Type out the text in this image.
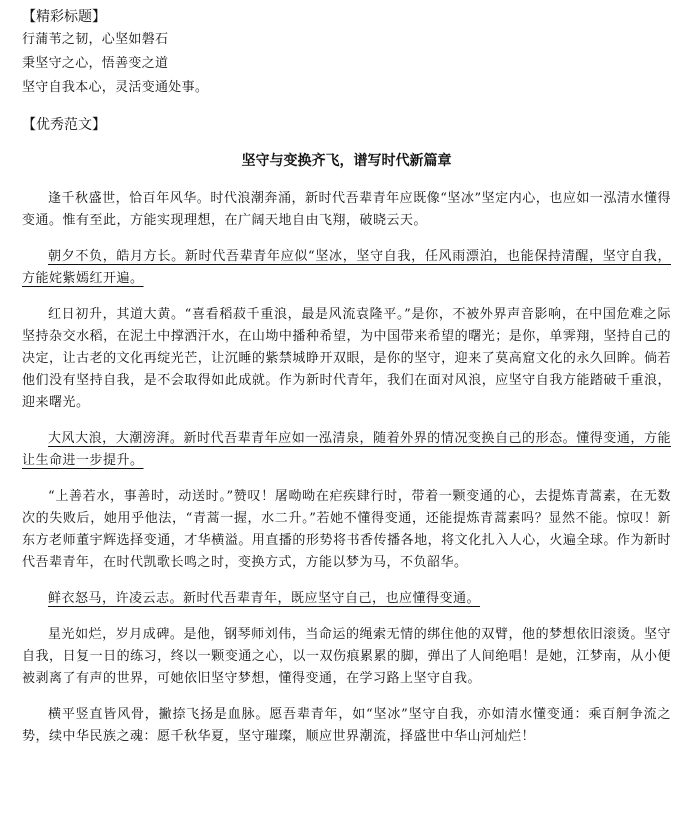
【精彩标题】
行蒲苇之韧，心坚如磐石
秉坚守之心，悟善变之道
坚守自我本心，灵活变通处事。
【优秀范文】
坚守与变换齐飞，谱写时代新篇章

逢千秋盛世，恰百年风华。时代浪潮奔涌，新时代吾辈青年应既像“坚冰”坚定内心，也应如一泓清水懂得变通。惟有至此，方能实现理想，在广阔天地自由飞翔，破晓云天。

朝夕不负，皓月方长。新时代吾辈青年应似“坚冰，坚守自我，任风雨漂泊，也能保持清醒，坚守自我，方能姹紫嫣红开遍。

红日初升，其道大黄。“喜看稻菽千重浪，最是风流袁隆平。”是你，不被外界声音影响，在中国危难之际坚持杂交水稻，在泥土中撑洒汗水，在山坳中播种希望，为中国带来希望的曙光；是你，单霁翔，坚持自己的决定，让古老的文化再绽光芒，让沉睡的紫禁城睁开双眼，是你的坚守，迎来了莫高窟文化的永久回眸。倘若他们没有坚持自我，是不会取得如此成就。作为新时代青年，我们在面对风浪，应坚守自我方能踏破千重浪，迎来曙光。

大风大浪，大潮滂湃。新时代吾辈青年应如一泓清泉，随着外界的情况变换自己的形态。懂得变通，方能让生命进一步提升。

“上善若水，事善时，动送时。”赞叹！屠呦呦在疟疾肆行时，带着一颗变通的心，去提炼青蒿素，在无数次的失败后，她用乎他法，“青蒿一握，水二升。”若她不懂得变通，还能提炼青蒿素吗？显然不能。惊叹！新东方老师董宇辉选择变通，才华横溢。用直播的形势将书香传播各地，将文化扎入人心，火遍全球。作为新时代吾辈青年，在时代凯歌长鸣之时，变换方式，方能以梦为马，不负韶华。

鲜衣怒马，许凌云志。新时代吾辈青年，既应坚守自己，也应懂得变通。

星光如烂，岁月成碑。是他，钢琴师刘伟，当命运的绳索无情的绑住他的双臂，他的梦想依旧滚烫。坚守自我，日复一日的练习，终以一颗变通之心，以一双伤痕累累的脚，弹出了人间绝唱！是她，江梦南，从小便被剥离了有声的世界，可她依旧坚守梦想，懂得变通，在学习路上坚守自我。

横平竖直皆风骨，撇捺飞扬是血脉。愿吾辈青年，如“坚冰”坚守自我，亦如清水懂变通：乘百舸争流之势，续中华民族之魂：愿千秋华夏，坚守璀璨，顺应世界潮流，择盛世中华山河灿烂！
